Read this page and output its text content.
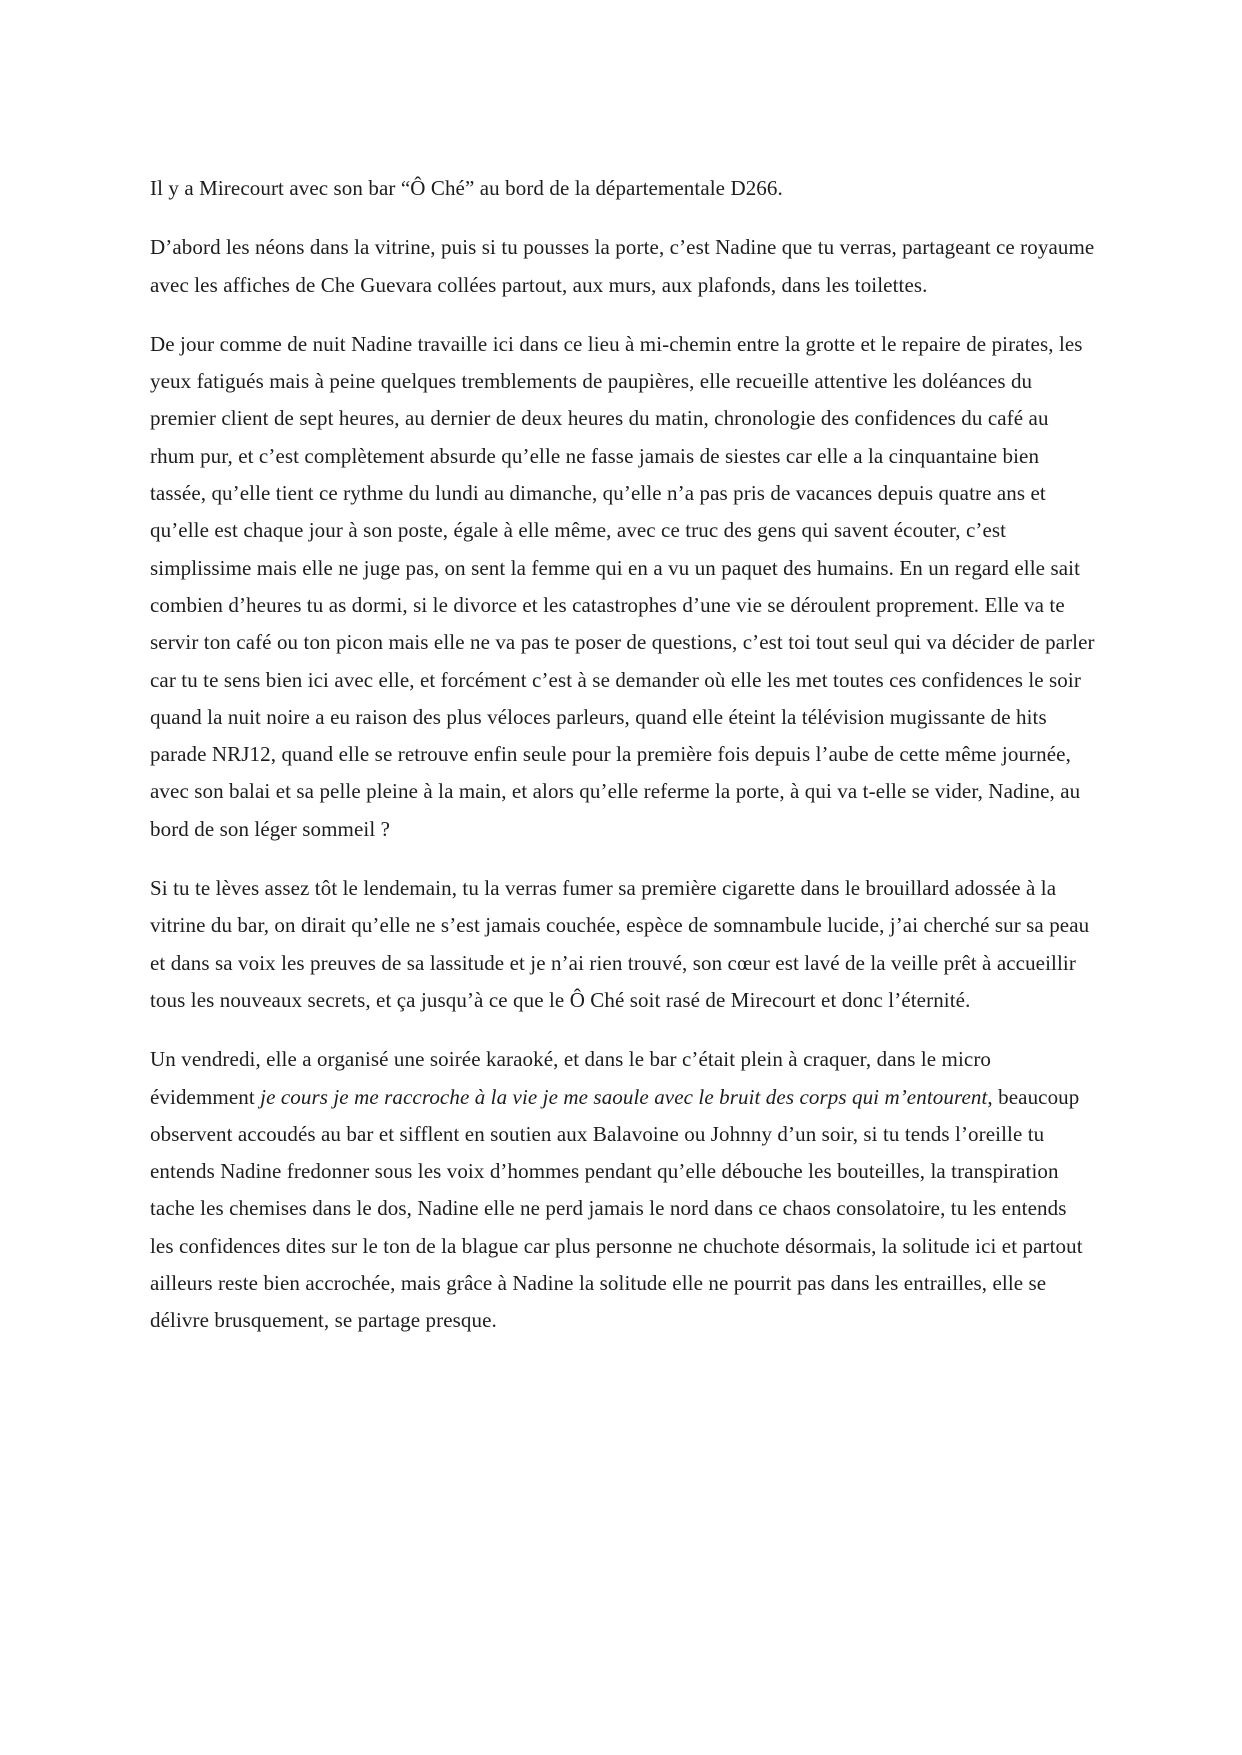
Il y a Mirecourt avec son bar “Ô Ché” au bord de la départementale D266.

D’abord les néons dans la vitrine, puis si tu pousses la porte, c’est Nadine que tu verras, partageant ce royaume avec les affiches de Che Guevara collées partout, aux murs, aux plafonds, dans les toilettes.

De jour comme de nuit Nadine travaille ici dans ce lieu à mi-chemin entre la grotte et le repaire de pirates, les yeux fatigués mais à peine quelques tremblements de paupières, elle recueille attentive les doléances du premier client de sept heures, au dernier de deux heures du matin, chronologie des confidences du café au rhum pur, et c’est complètement absurde qu’elle ne fasse jamais de siestes car elle a la cinquantaine bien tassée, qu’elle tient ce rythme du lundi au dimanche, qu’elle n’a pas pris de vacances depuis quatre ans et qu’elle est chaque jour à son poste, égale à elle même, avec ce truc des gens qui savent écouter, c’est simplissime mais elle ne juge pas, on sent la femme qui en a vu un paquet des humains. En un regard elle sait combien d’heures tu as dormi, si le divorce et les catastrophes d’une vie se déroulent proprement. Elle va te servir ton café ou ton picon mais elle ne va pas te poser de questions, c’est toi tout seul qui va décider de parler car tu te sens bien ici avec elle, et forcément c’est à se demander où elle les met toutes ces confidences le soir quand la nuit noire a eu raison des plus véloces parleurs, quand elle éteint la télévision mugissante de hits parade NRJ12, quand elle se retrouve enfin seule pour la première fois depuis l’aube de cette même journée, avec son balai et sa pelle pleine à la main, et alors qu’elle referme la porte, à qui va t-elle se vider, Nadine, au bord de son léger sommeil ?

Si tu te lèves assez tôt le lendemain, tu la verras fumer sa première cigarette dans le brouillard adossée à la vitrine du bar, on dirait qu’elle ne s’est jamais couchée, espèce de somnambule lucide, j’ai cherché sur sa peau et dans sa voix les preuves de sa lassitude et je n’ai rien trouvé, son cœur est lavé de la veille prêt à accueillir tous les nouveaux secrets, et ça jusqu’à ce que le Ô Ché soit rasé de Mirecourt et donc l’éternité.

Un vendredi, elle a organisé une soirée karaoké, et dans le bar c’était plein à craquer, dans le micro évidemment je cours je me raccroche à la vie je me saoule avec le bruit des corps qui m’entourent, beaucoup observent accoudés au bar et sifflent en soutien aux Balavoine ou Johnny d’un soir, si tu tends l’oreille tu entends Nadine fredonner sous les voix d’hommes pendant qu’elle débouche les bouteilles, la transpiration tache les chemises dans le dos, Nadine elle ne perd jamais le nord dans ce chaos consolatoire, tu les entends les confidences dites sur le ton de la blague car plus personne ne chuchote désormais, la solitude ici et partout ailleurs reste bien accrochée, mais grâce à Nadine la solitude elle ne pourrit pas dans les entrailles, elle se délivre brusquement, se partage presque.
